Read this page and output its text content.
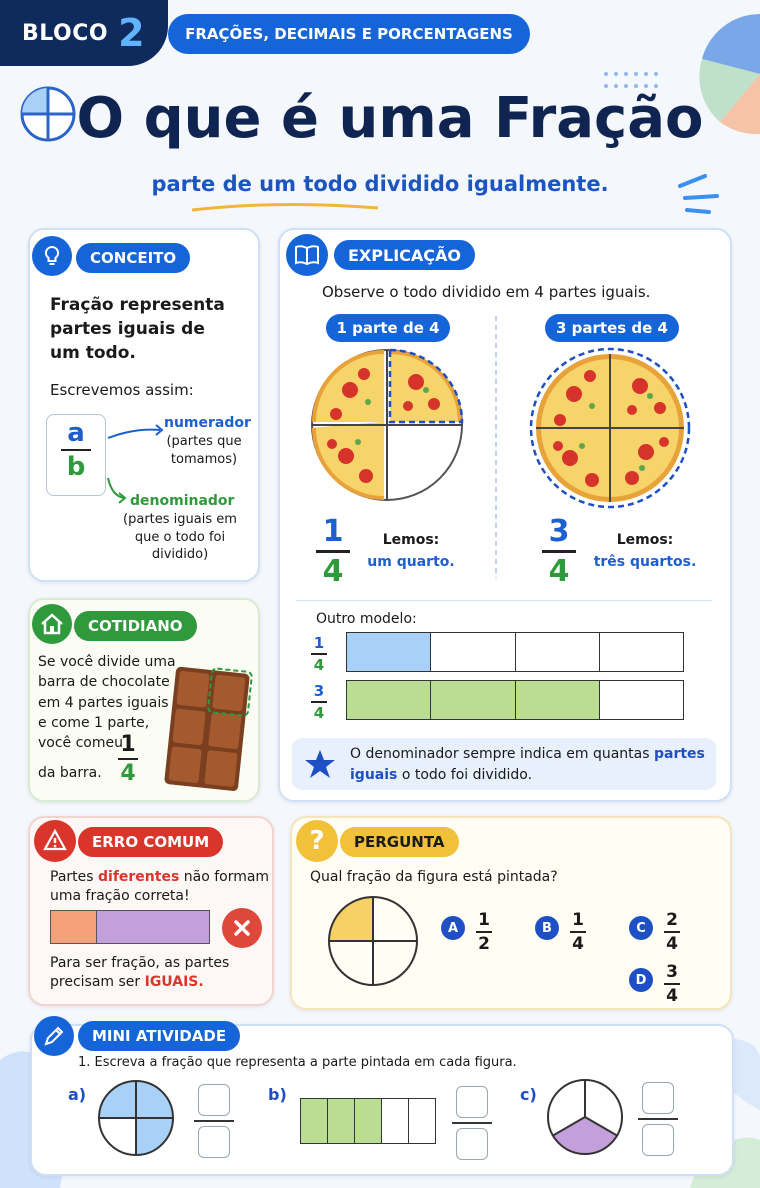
BLOCO 2	FRAÇÕES, DECIMAIS E PORCENTAGENS
O que é uma Fração
parte de um todo dividido igualmente.
CONCEITO
Fração representa
partes iguais de
um todo.
Escrevemos assim:
a
b
numerador
(partes que
tomamos)
denominador
(partes iguais em
que o todo foi
dividido)
EXPLICAÇÃO
Observe o todo dividido em 4 partes iguais.
1 parte de 4	3 partes de 4
1
4
Lemos:
um quarto.
3
4
Lemos:
três quartos.
Outro modelo:
1
4
3
4
O denominador sempre indica em quantas partes iguais o todo foi dividido.
COTIDIANO
Se você divide uma
barra de chocolate
em 4 partes iguais
e come 1 parte,
você comeu
1
4
da barra.
ERRO COMUM
Partes diferentes não formam
uma fração correta!
Para ser fração, as partes
precisam ser IGUAIS.
?	PERGUNTA
Qual fração da figura está pintada?
A	1
2
B	1
4
C	2
4
D	3
4
MINI ATIVIDADE
1. Escreva a fração que representa a parte pintada em cada figura.
a)	b)	c)
